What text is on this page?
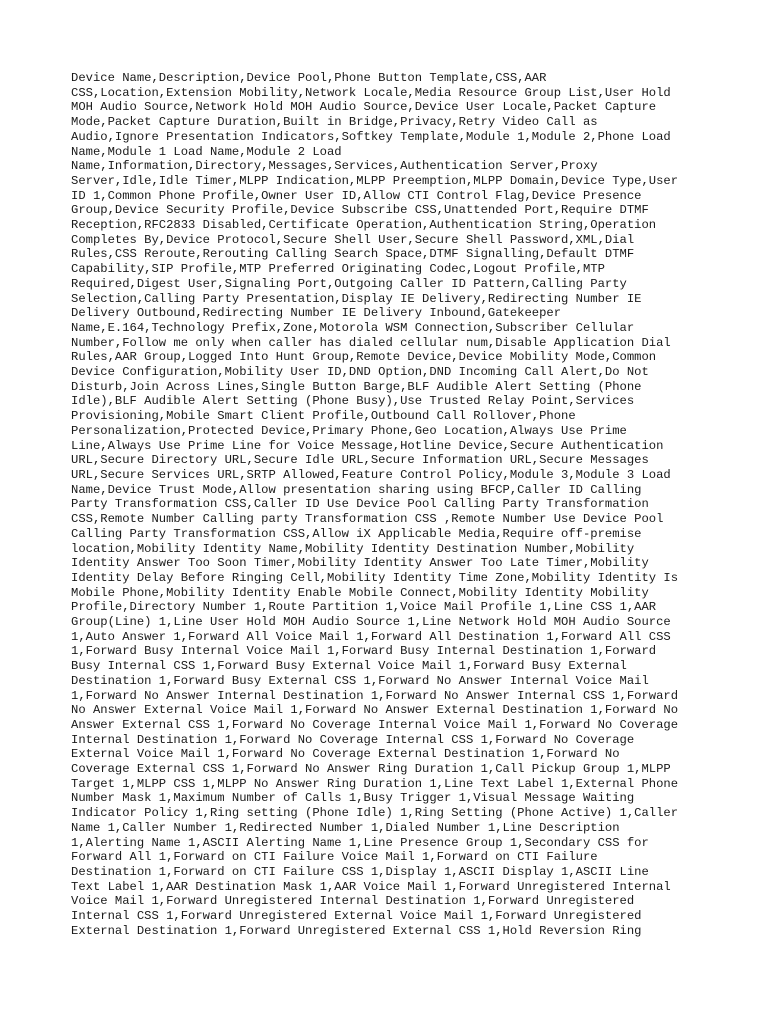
Device Name,Description,Device Pool,Phone Button Template,CSS,AAR
CSS,Location,Extension Mobility,Network Locale,Media Resource Group List,User Hold
MOH Audio Source,Network Hold MOH Audio Source,Device User Locale,Packet Capture
Mode,Packet Capture Duration,Built in Bridge,Privacy,Retry Video Call as
Audio,Ignore Presentation Indicators,Softkey Template,Module 1,Module 2,Phone Load
Name,Module 1 Load Name,Module 2 Load
Name,Information,Directory,Messages,Services,Authentication Server,Proxy
Server,Idle,Idle Timer,MLPP Indication,MLPP Preemption,MLPP Domain,Device Type,User
ID 1,Common Phone Profile,Owner User ID,Allow CTI Control Flag,Device Presence
Group,Device Security Profile,Device Subscribe CSS,Unattended Port,Require DTMF
Reception,RFC2833 Disabled,Certificate Operation,Authentication String,Operation
Completes By,Device Protocol,Secure Shell User,Secure Shell Password,XML,Dial
Rules,CSS Reroute,Rerouting Calling Search Space,DTMF Signalling,Default DTMF
Capability,SIP Profile,MTP Preferred Originating Codec,Logout Profile,MTP
Required,Digest User,Signaling Port,Outgoing Caller ID Pattern,Calling Party
Selection,Calling Party Presentation,Display IE Delivery,Redirecting Number IE
Delivery Outbound,Redirecting Number IE Delivery Inbound,Gatekeeper
Name,E.164,Technology Prefix,Zone,Motorola WSM Connection,Subscriber Cellular
Number,Follow me only when caller has dialed cellular num,Disable Application Dial
Rules,AAR Group,Logged Into Hunt Group,Remote Device,Device Mobility Mode,Common
Device Configuration,Mobility User ID,DND Option,DND Incoming Call Alert,Do Not
Disturb,Join Across Lines,Single Button Barge,BLF Audible Alert Setting (Phone
Idle),BLF Audible Alert Setting (Phone Busy),Use Trusted Relay Point,Services
Provisioning,Mobile Smart Client Profile,Outbound Call Rollover,Phone
Personalization,Protected Device,Primary Phone,Geo Location,Always Use Prime
Line,Always Use Prime Line for Voice Message,Hotline Device,Secure Authentication
URL,Secure Directory URL,Secure Idle URL,Secure Information URL,Secure Messages
URL,Secure Services URL,SRTP Allowed,Feature Control Policy,Module 3,Module 3 Load
Name,Device Trust Mode,Allow presentation sharing using BFCP,Caller ID Calling
Party Transformation CSS,Caller ID Use Device Pool Calling Party Transformation
CSS,Remote Number Calling party Transformation CSS ,Remote Number Use Device Pool
Calling Party Transformation CSS,Allow iX Applicable Media,Require off-premise
location,Mobility Identity Name,Mobility Identity Destination Number,Mobility
Identity Answer Too Soon Timer,Mobility Identity Answer Too Late Timer,Mobility
Identity Delay Before Ringing Cell,Mobility Identity Time Zone,Mobility Identity Is
Mobile Phone,Mobility Identity Enable Mobile Connect,Mobility Identity Mobility
Profile,Directory Number 1,Route Partition 1,Voice Mail Profile 1,Line CSS 1,AAR
Group(Line) 1,Line User Hold MOH Audio Source 1,Line Network Hold MOH Audio Source
1,Auto Answer 1,Forward All Voice Mail 1,Forward All Destination 1,Forward All CSS
1,Forward Busy Internal Voice Mail 1,Forward Busy Internal Destination 1,Forward
Busy Internal CSS 1,Forward Busy External Voice Mail 1,Forward Busy External
Destination 1,Forward Busy External CSS 1,Forward No Answer Internal Voice Mail
1,Forward No Answer Internal Destination 1,Forward No Answer Internal CSS 1,Forward
No Answer External Voice Mail 1,Forward No Answer External Destination 1,Forward No
Answer External CSS 1,Forward No Coverage Internal Voice Mail 1,Forward No Coverage
Internal Destination 1,Forward No Coverage Internal CSS 1,Forward No Coverage
External Voice Mail 1,Forward No Coverage External Destination 1,Forward No
Coverage External CSS 1,Forward No Answer Ring Duration 1,Call Pickup Group 1,MLPP
Target 1,MLPP CSS 1,MLPP No Answer Ring Duration 1,Line Text Label 1,External Phone
Number Mask 1,Maximum Number of Calls 1,Busy Trigger 1,Visual Message Waiting
Indicator Policy 1,Ring setting (Phone Idle) 1,Ring Setting (Phone Active) 1,Caller
Name 1,Caller Number 1,Redirected Number 1,Dialed Number 1,Line Description
1,Alerting Name 1,ASCII Alerting Name 1,Line Presence Group 1,Secondary CSS for
Forward All 1,Forward on CTI Failure Voice Mail 1,Forward on CTI Failure
Destination 1,Forward on CTI Failure CSS 1,Display 1,ASCII Display 1,ASCII Line
Text Label 1,AAR Destination Mask 1,AAR Voice Mail 1,Forward Unregistered Internal
Voice Mail 1,Forward Unregistered Internal Destination 1,Forward Unregistered
Internal CSS 1,Forward Unregistered External Voice Mail 1,Forward Unregistered
External Destination 1,Forward Unregistered External CSS 1,Hold Reversion Ring
